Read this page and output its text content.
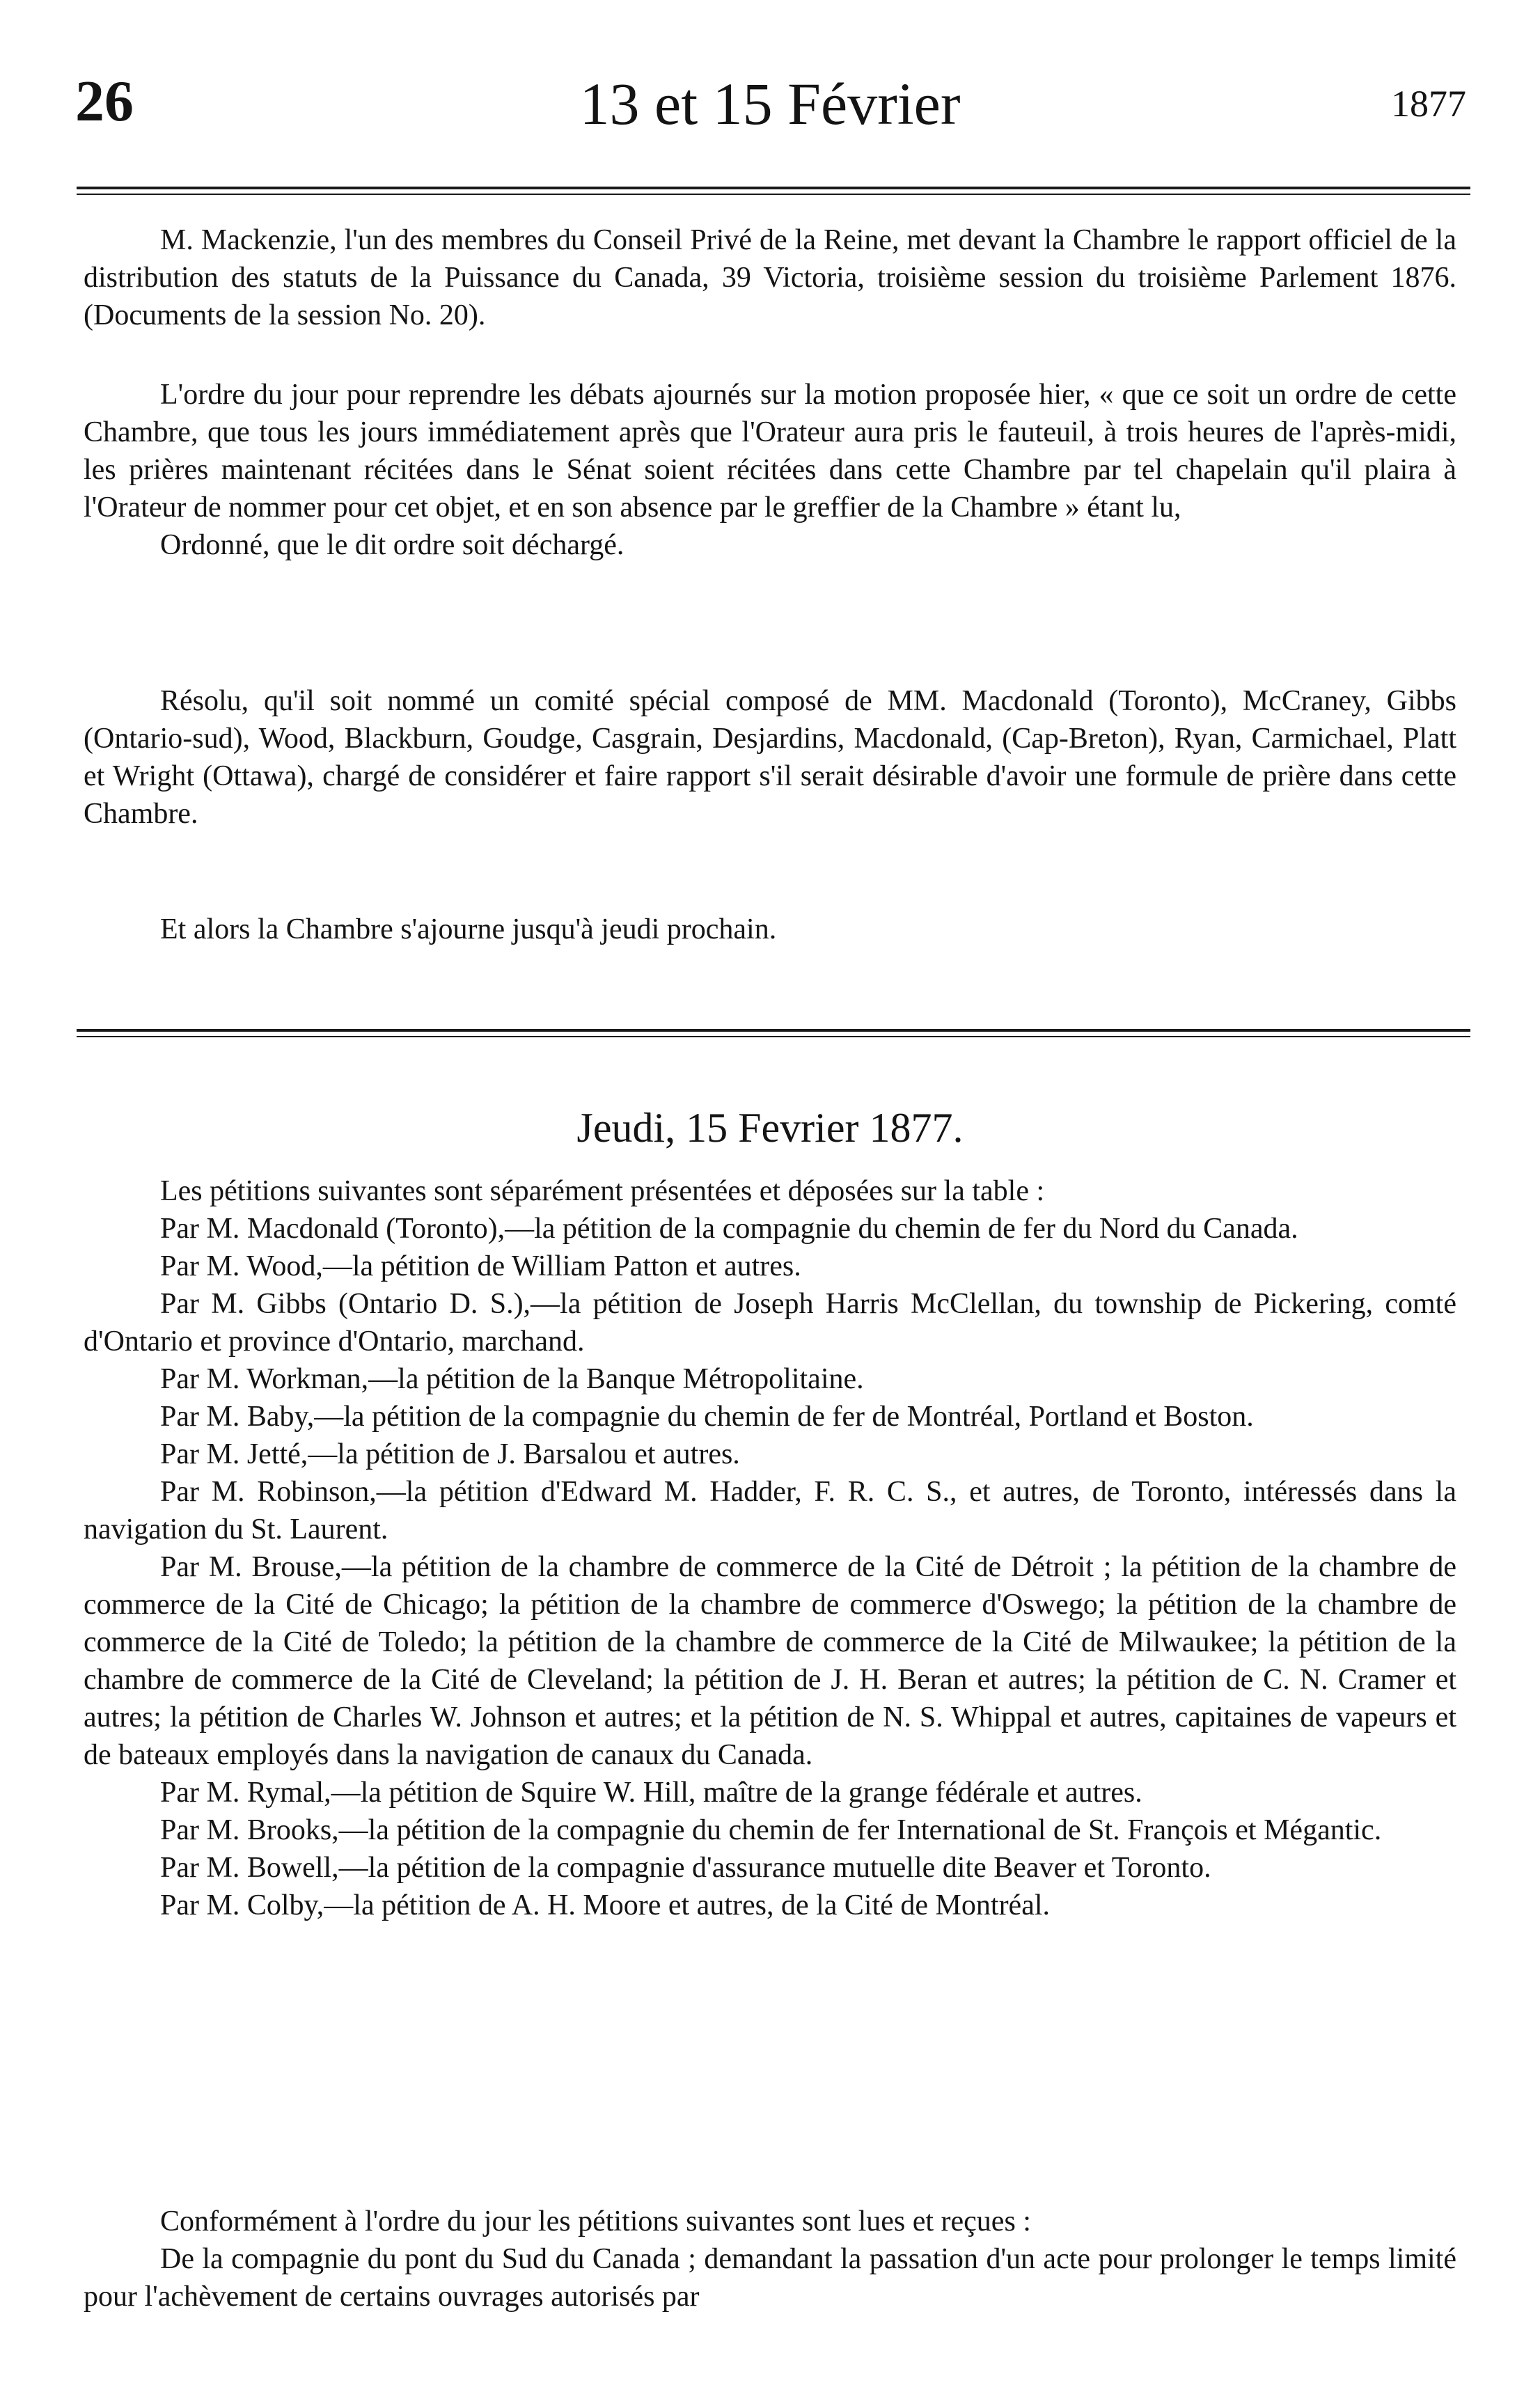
26	13 et 15 Février	1877

M. Mackenzie, l'un des membres du Conseil Privé de la Reine, met devant la Chambre le rapport officiel de la distribution des statuts de la Puissance du Canada, 39 Victoria, troisième session du troisième Parlement 1876. (Documents de la session No. 20).

L'ordre du jour pour reprendre les débats ajournés sur la motion proposée hier, « que ce soit un ordre de cette Chambre, que tous les jours immédiatement après que l'Orateur aura pris le fauteuil, à trois heures de l'après-midi, les prières maintenant récitées dans le Sénat soient récitées dans cette Chambre par tel chapelain qu'il plaira à l'Orateur de nommer pour cet objet, et en son absence par le greffier de la Chambre » étant lu,

Ordonné, que le dit ordre soit déchargé.

Résolu, qu'il soit nommé un comité spécial composé de MM. Macdonald (Toronto), McCraney, Gibbs (Ontario-sud), Wood, Blackburn, Goudge, Casgrain, Desjardins, Macdonald, (Cap-Breton), Ryan, Carmichael, Platt et Wright (Ottawa), chargé de considérer et faire rapport s'il serait désirable d'avoir une formule de prière dans cette Chambre.

Et alors la Chambre s'ajourne jusqu'à jeudi prochain.

Jeudi, 15 Fevrier 1877.

Les pétitions suivantes sont séparément présentées et déposées sur la table :

Par M. Macdonald (Toronto),—la pétition de la compagnie du chemin de fer du Nord du Canada.

Par M. Wood,—la pétition de William Patton et autres.

Par M. Gibbs (Ontario D. S.),—la pétition de Joseph Harris McClellan, du township de Pickering, comté d'Ontario et province d'Ontario, marchand.

Par M. Workman,—la pétition de la Banque Métropolitaine.

Par M. Baby,—la pétition de la compagnie du chemin de fer de Montréal, Portland et Boston.

Par M. Jetté,—la pétition de J. Barsalou et autres.

Par M. Robinson,—la pétition d'Edward M. Hadder, F. R. C. S., et autres, de Toronto, intéressés dans la navigation du St. Laurent.

Par M. Brouse,—la pétition de la chambre de commerce de la Cité de Détroit ; la pétition de la chambre de commerce de la Cité de Chicago; la pétition de la chambre de commerce d'Oswego; la pétition de la chambre de commerce de la Cité de Toledo; la pétition de la chambre de commerce de la Cité de Milwaukee; la pétition de la chambre de commerce de la Cité de Cleveland; la pétition de J. H. Beran et autres; la pétition de C. N. Cramer et autres; la pétition de Charles W. Johnson et autres; et la pétition de N. S. Whippal et autres, capitaines de vapeurs et de bateaux employés dans la navigation de canaux du Canada.

Par M. Rymal,—la pétition de Squire W. Hill, maître de la grange fédérale et autres.

Par M. Brooks,—la pétition de la compagnie du chemin de fer International de St. François et Mégantic.

Par M. Bowell,—la pétition de la compagnie d'assurance mutuelle dite Beaver et Toronto.

Par M. Colby,—la pétition de A. H. Moore et autres, de la Cité de Montréal.

Conformément à l'ordre du jour les pétitions suivantes sont lues et reçues :

De la compagnie du pont du Sud du Canada ; demandant la passation d'un acte pour prolonger le temps limité pour l'achèvement de certains ouvrages autorisés par
